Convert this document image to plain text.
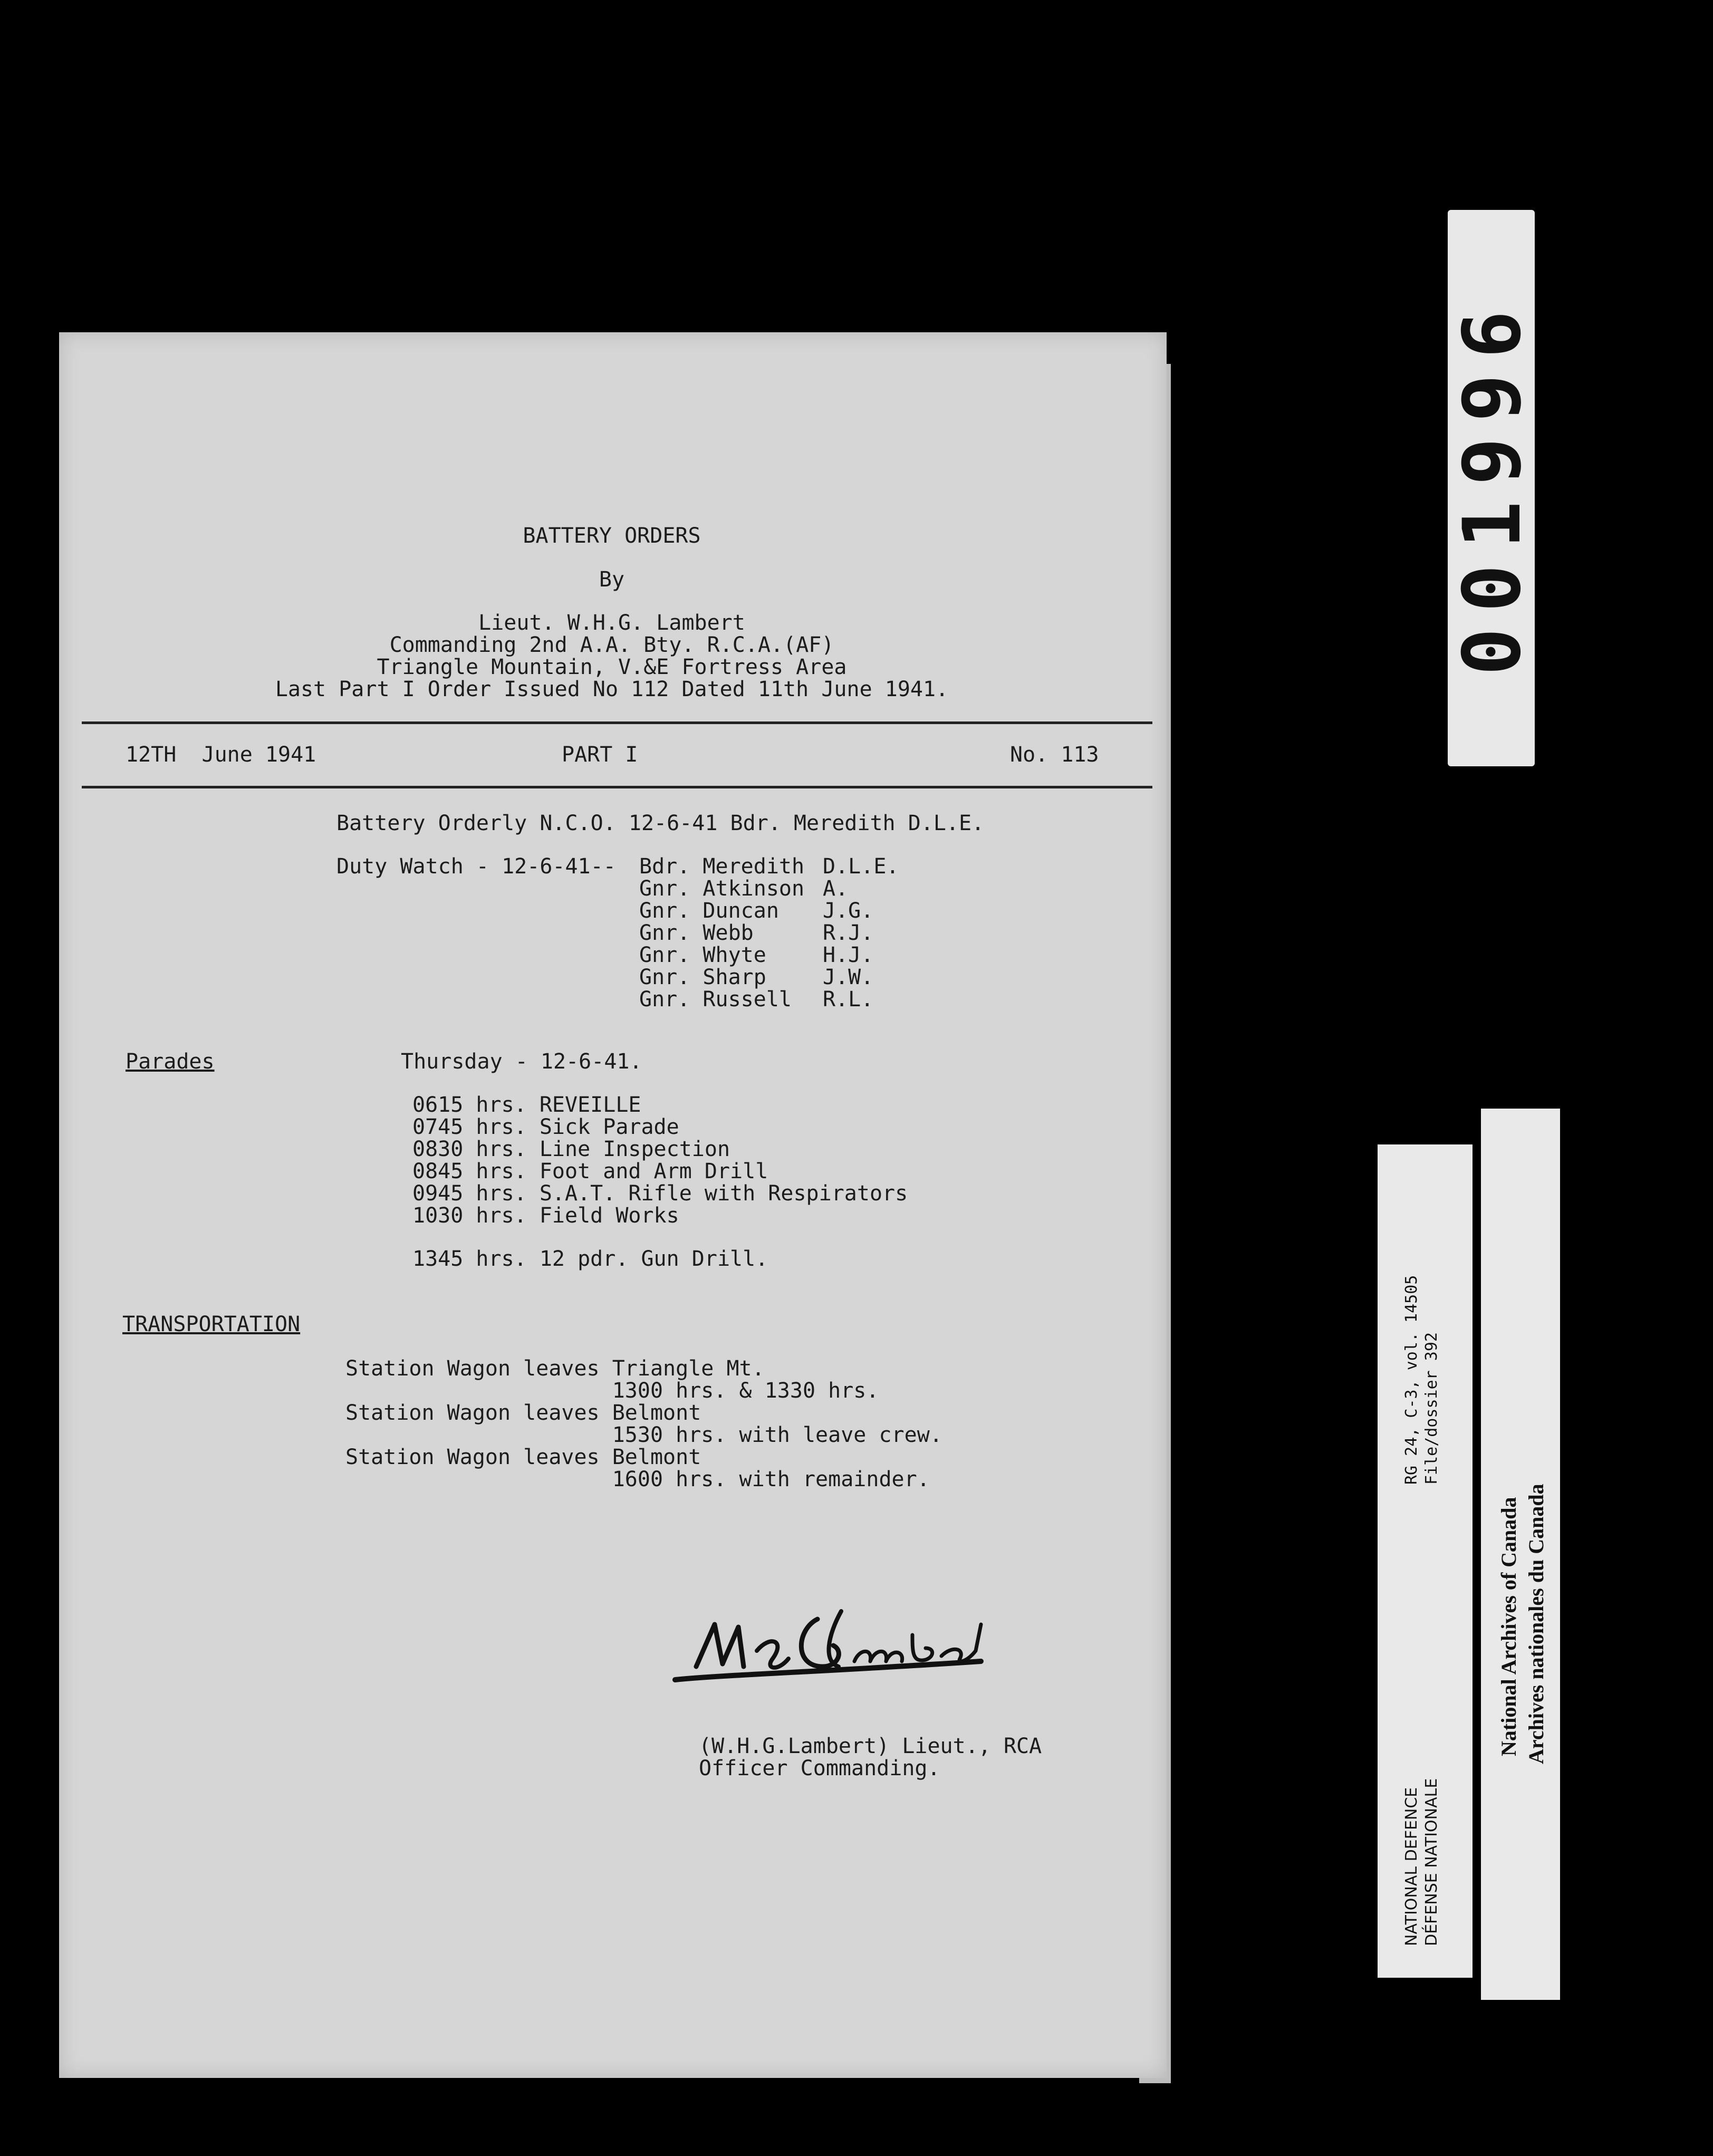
BATTERY ORDERS
By
Lieut. W.H.G. Lambert
Commanding 2nd A.A. Bty. R.C.A.(AF)
Triangle Mountain, V.&E Fortress Area
Last Part I Order Issued No 112 Dated 11th June 1941.
12TH  June 1941	PART I	No. 113
Battery Orderly N.C.O. 12-6-41 Bdr. Meredith D.L.E.
Duty Watch - 12-6-41-- Bdr. Meredith D.L.E.
Gnr. Atkinson A.
Gnr. Duncan J.G.
Gnr. Webb	R.J.
Gnr. Whyte	H.J.
Gnr. Sharp	J.W.
Gnr. Russell R.L.
Parades	Thursday - 12-6-41.
0615 hrs. REVEILLE
0745 hrs. Sick Parade
0830 hrs. Line Inspection
0845 hrs. Foot and Arm Drill
0945 hrs. S.A.T. Rifle with Respirators
1030 hrs. Field Works
1345 hrs. 12 pdr. Gun Drill.
TRANSPORTATION
Station Wagon leaves Triangle Mt.
1300 hrs. & 1330 hrs.
Station Wagon leaves Belmont
1530 hrs. with leave crew.
Station Wagon leaves Belmont
1600 hrs. with remainder.
(W.H.G.Lambert) Lieut., RCA
Officer Commanding.
001996
RG 24, C-3, vol. 14505 File/dossier 392
NATIONAL DEFENCE DÉFENSE NATIONALE
National Archives of Canada Archives nationales du Canada
